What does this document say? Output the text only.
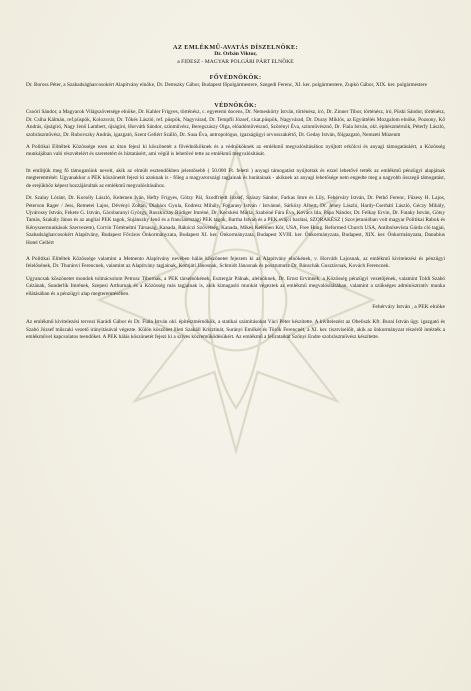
AZ EMLÉKMŰ-AVATÁS DÍSZELNÖKE:
Dr. Orbán Viktor,
a FIDESZ - MAGYAR POLGÁRI PÁRT ELNÖKE
FŐVÉDNÖKÖK:

Dr. Boross Péter, a Szabadságharcosokért Alapítvány elnöke, Dr. Demszky Gábor, Budapest főpolgármestere, Szegedi Ferenc, XI. ker. polgármestere, Zupkó Gábor, XIX. ker. polgármestere

VÉDNÖKÖK:

Csoóri Sándor, a Magyarok Világszövetsége elnöke, Dr. Kahler Frigyes, történész, c. egyetemi docens, Dr. Nemeskürty István, történész, író, Dr. Zinner Tibor, történész, író, Püski Sándor, történész, Dr. Csíha Kálmán, ref.püspök, Kolozsvár, Dr. Tőkés László, ref. püspök, Nagyvárad, Dr. Tempfli József, r.kat.püspök, Nagyvárad, Dr. Duray Miklós, az Együttélés Mozgalom elnöke, Pozsony, Kő András, újságíró, Nagy Jenő Lambert, újságíró, Horváth Sándor, színművész, Beregszászy Olga, előadóművésznő, Szörényi Éva, színművésznő, Dr. Fiala István, okl. építészmérnök, Péterfy László, szobrászművész, Dr. Rubovszky András, igazgató, Szent Gellért Szálló, Dr. Susa Éva, antropológus, igazságügyi orvosszakértő, Dr. Geday István, főigazgató, Nemzeti Múzeum

A Politikai Elítéltek Közössége ezen az úton fejezi ki köszönetét a fővédnököknek és a védnököknek az emlékmű megvalósításához nyújtott erkölcsi és anyagi támogatásáért, a Közösség munkájában való részvételért és szeretetért és bíztatásért, ami végül is lehetővé tette az emlékmű megvalósítását.

Itt említjük meg fő támogatóink neveit, akik az elmúlt esztendőkben jelentősebb ( 50.000 Ft. feletti ) anyagi támogatást nyújtottak és ezzel lehetővé tették az emlékmű pénzügyi alapjának megteremtését. Ugyanakkor a PEK köszönetét fejezi ki azoknak is - főleg a magyarországi tagjainak és barátainak - akiknek az anyagi lehetősége nem engedte meg a nagyobb összegű támogatást, de erejükhöz képest hozzájárultak az emlékmű megvalósításához.

Dr. Szalay Lóránt, Dr. Korsély László, Kelemen Iván, Hefty Frigyes, Götzy Pál, Szodfriedt József, Szászy Sándor, Farkas Imre és Lily, Fehérváry István, Dr. Pethő Ferenc, Füzesy H. Lajos, Peterson Rager / Jess, Remetei Lajos, Dévényi Zoltán, Diabács Gyula, Endresz Mihály, Fogarasy István / Istvánné, Sárközy Albert, Dr. Jeney László, Hardy-Cserháti László, Géczy Mihály, Ujvárossy István, Fekete G. István, Gácsbaranyi György, Ruszkiczay Rüdiger Imréné, Dr. Kecskési Mária, Szabóné Fára Éva, Kovács Ida, Pápa Nándor, Dr. Felkay Ervin, Dr. Futaky István, Götsy Tamás, Szakály János és az angliai PEK tagok, Sujánszky Jenő és a franciaországi PEK tagok, Bartha István és a PEK svájci barátai, SZORAKÉSZ ( Szovjetunióban volt magyar Politikai Rabok és Kényszermunkások Szervezete), Corvin Történelmi Társaság, Kanada, Rákóczi Szövetség, Kanada, Mikes Kelemen Kör, USA, Free Hung. Reformed Church USA, Antibolsevista Gárda cló tagjai, Szabadságharcosokért Alapítvány, Budapest Főváros Önkormányzata, Budapest XI. ker. Önkormányzata, Budapest XVIII. ker. Önkormányzata, Budapest, XIX. ker. Önkormányzata, Danubius Hotel Gellért

A Politikai Elítéltek Közössége valamint a Memento Alapítvány nevében hálás köszönetet fejezem ki az Alapítvány elnökének, v. Horváth Lajosnak, az emlékmű kivitelezési és pénzügyi felelősének, Dr. Thuránvi Ferencnek, valamint az Alapítvány tagjainak, Komjáti Jánosnak, Schmidt Jánosnak és posztumusz Dr. Bánschák Gusztávnak, Kovách Ferencnek.

Ugyancsak köszönetet mondok tolmácsolom Petrusz Tibornak, a PEK társelnökének, Esztergár Pálnak, alelnöknek, Dr. Ernst Ervinnek, a Közösség pénzügyi vezetőjének, valamint Toldi Szabó Gézának, Sunderlik Imrének, Szepesi Arthurnak és a Közösség más tagjainak is, akik kimagasló munkát végeztek az emlékmű megvalósításában, valamint a szükséges adminisztratív munka ellátásában és a pénzügyi alap megteremtésében.

Fehérváry István , a PEK elnöke

Az emlékmű kivitelezési tervezi Karádi Gábor és Dr. Fiala István okl. építészmérnökök, a statikai számításokat Váci Péter készítette. A kivitelezést az Obeliszk Kft. Burai István ügy. igazgató és Szabó József műszaki vezető irányításával végezte. Külön köszönet illeti Szakáll Krisztinát, Surányi Emőkét és Török Ferencnét, a XI. ker. tisztviselőit, akik az önkormányzat részéről intézték a emlékművel kapcsolatos teendőket. A PEK hálás köszönetét fejezi ki a szives közreműködésükért. Az emlékmű a felirataikat Szőnyi Endre szobrászművész készítette.
